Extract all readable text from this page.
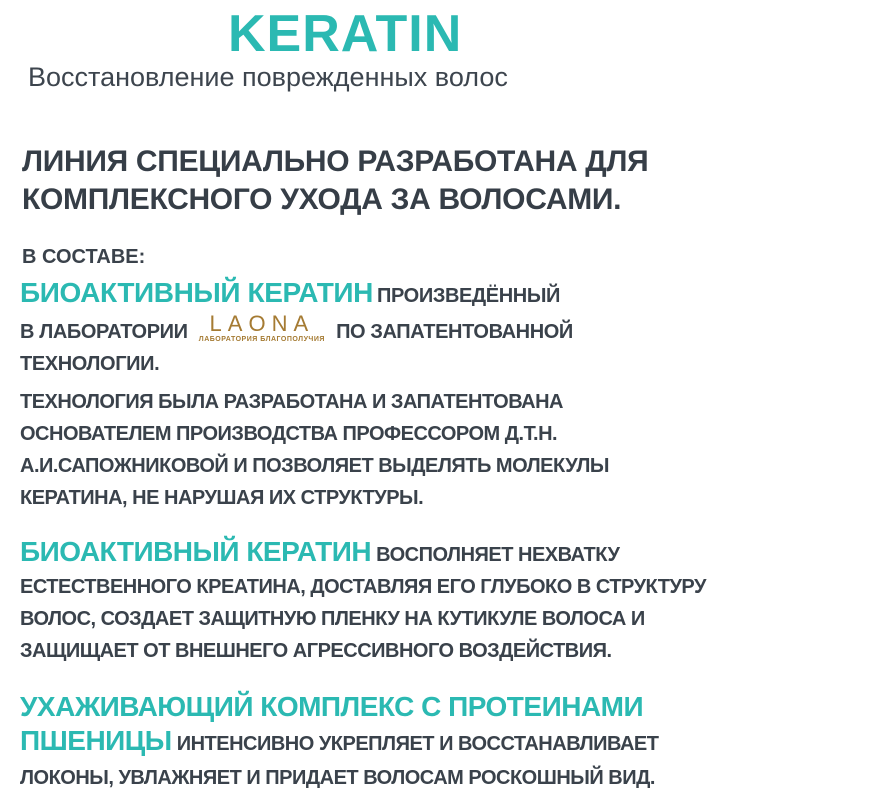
KERATIN
Восстановление поврежденных волос
ЛИНИЯ СПЕЦИАЛЬНО РАЗРАБОТАНА ДЛЯ
КОМПЛЕКСНОГО УХОДА ЗА ВОЛОСАМИ.
В СОСТАВЕ:
БИОАКТИВНЫЙ КЕРАТИН ПРОИЗВЕДЁННЫЙ
В ЛАБОРАТОРИИ LAONA
ЛАБОРАТОРИЯ БЛАГОПОЛУЧИЯ ПО ЗАПАТЕНТОВАННОЙ
ТЕХНОЛОГИИ.
ТЕХНОЛОГИЯ БЫЛА РАЗРАБОТАНА И ЗАПАТЕНТОВАНА
ОСНОВАТЕЛЕМ ПРОИЗВОДСТВА ПРОФЕССОРОМ Д.Т.Н.
А.И.САПОЖНИКОВОЙ И ПОЗВОЛЯЕТ ВЫДЕЛЯТЬ МОЛЕКУЛЫ
КЕРАТИНА, НЕ НАРУШАЯ ИХ СТРУКТУРЫ.
БИОАКТИВНЫЙ КЕРАТИН ВОСПОЛНЯЕТ НЕХВАТКУ
ЕСТЕСТВЕННОГО КРЕАТИНА, ДОСТАВЛЯЯ ЕГО ГЛУБОКО В СТРУКТУРУ
ВОЛОС, СОЗДАЕТ ЗАЩИТНУЮ ПЛЕНКУ НА КУТИКУЛЕ ВОЛОСА И
ЗАЩИЩАЕТ ОТ ВНЕШНЕГО АГРЕССИВНОГО ВОЗДЕЙСТВИЯ.
УХАЖИВАЮЩИЙ КОМПЛЕКС С ПРОТЕИНАМИ
ПШЕНИЦЫ ИНТЕНСИВНО УКРЕПЛЯЕТ И ВОССТАНАВЛИВАЕТ
ЛОКОНЫ, УВЛАЖНЯЕТ И ПРИДАЕТ ВОЛОСАМ РОСКОШНЫЙ ВИД.
